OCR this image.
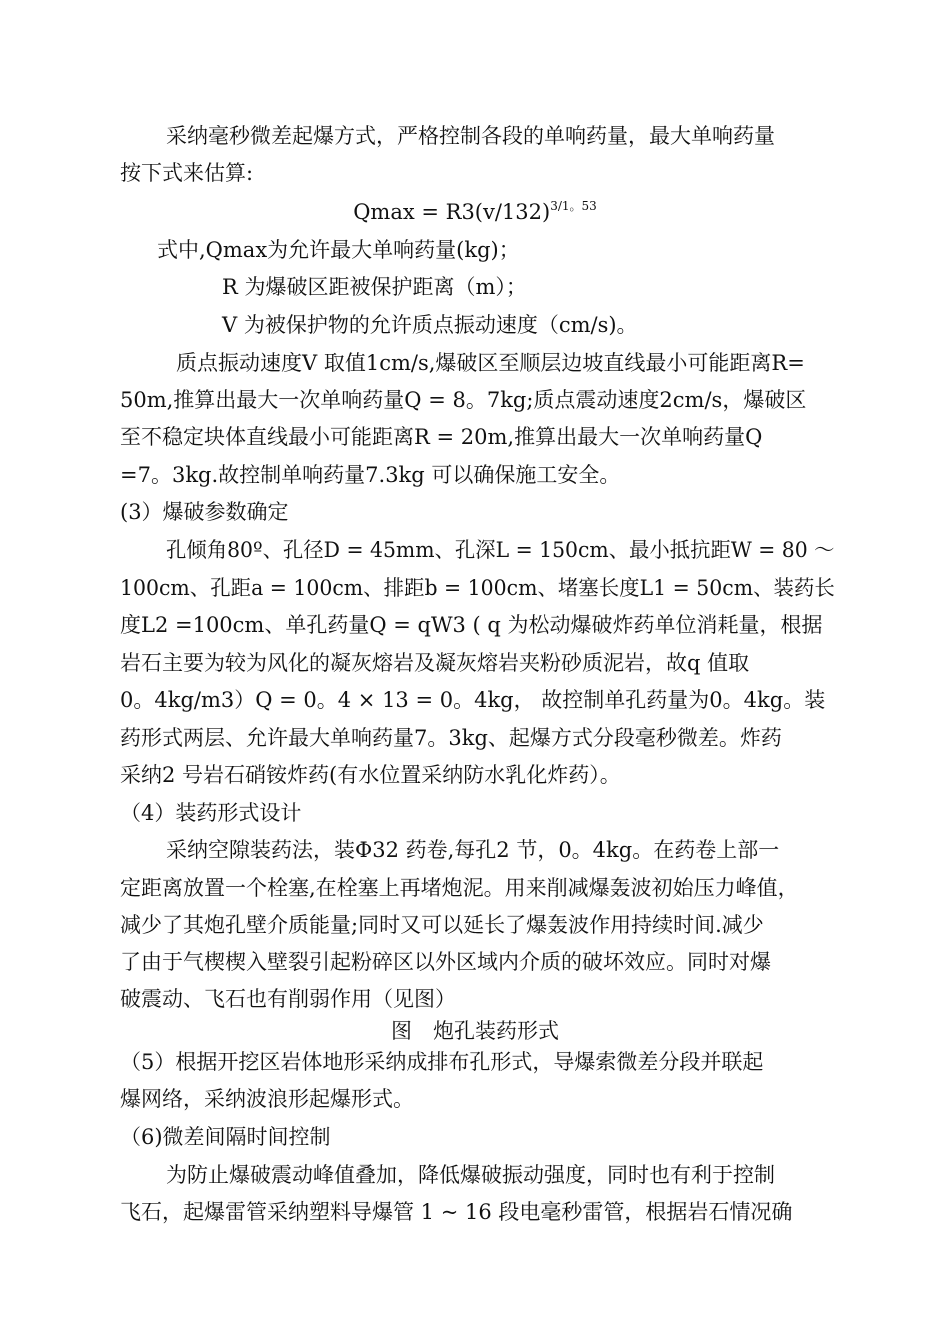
采纳毫秒微差起爆方式，严格控制各段的单响药量，最大单响药量
按下式来估算:
$Qmax = R3(v/132)^{3/1。53}$
式中,Qmax为允许最大单响药量(kg)；
R 为爆破区距被保护距离（m）；
V 为被保护物的允许质点振动速度（cm/s)。
质点振动速度V 取值1cm/s,爆破区至顺层边坡直线最小可能距离R=
50m,推算出最大一次单响药量Q = 8。7kg;质点震动速度2cm/s，爆破区
至不稳定块体直线最小可能距离R = 20m,推算出最大一次单响药量Q
=7。3kg.故控制单响药量7.3kg 可以确保施工安全。
(3）爆破参数确定
孔倾角80º、孔径D = 45mm、孔深L = 150cm、最小抵抗距W = 80 ～
100cm、孔距a = 100cm、排距b = 100cm、堵塞长度L1 = 50cm、装药长
度L2 =100cm、单孔药量Q = qW3 ( q 为松动爆破炸药单位消耗量，根据
岩石主要为较为风化的凝灰熔岩及凝灰熔岩夹粉砂质泥岩，故q 值取
0。4kg/m3）Q = 0。4 × 13 = 0。4kg， 故控制单孔药量为0。4kg。装
药形式两层、允许最大单响药量7。3kg、起爆方式分段毫秒微差。炸药
采纳2 号岩石硝铵炸药(有水位置采纳防水乳化炸药）。
（4）装药形式设计
采纳空隙装药法，装Φ32 药卷,每孔2 节，0。4kg。在药卷上部一
定距离放置一个栓塞,在栓塞上再堵炮泥。用来削减爆轰波初始压力峰值，
减少了其炮孔壁介质能量;同时又可以延长了爆轰波作用持续时间.减少
了由于气楔楔入壁裂引起粉碎区以外区域内介质的破坏效应。同时对爆
破震动、飞石也有削弱作用（见图）
图　炮孔装药形式
（5）根据开挖区岩体地形采纳成排布孔形式，导爆索微差分段并联起
爆网络，采纳波浪形起爆形式。
（6)微差间隔时间控制
为防止爆破震动峰值叠加，降低爆破振动强度，同时也有利于控制
飞石，起爆雷管采纳塑料导爆管 1 ~ 16 段电毫秒雷管，根据岩石情况确
